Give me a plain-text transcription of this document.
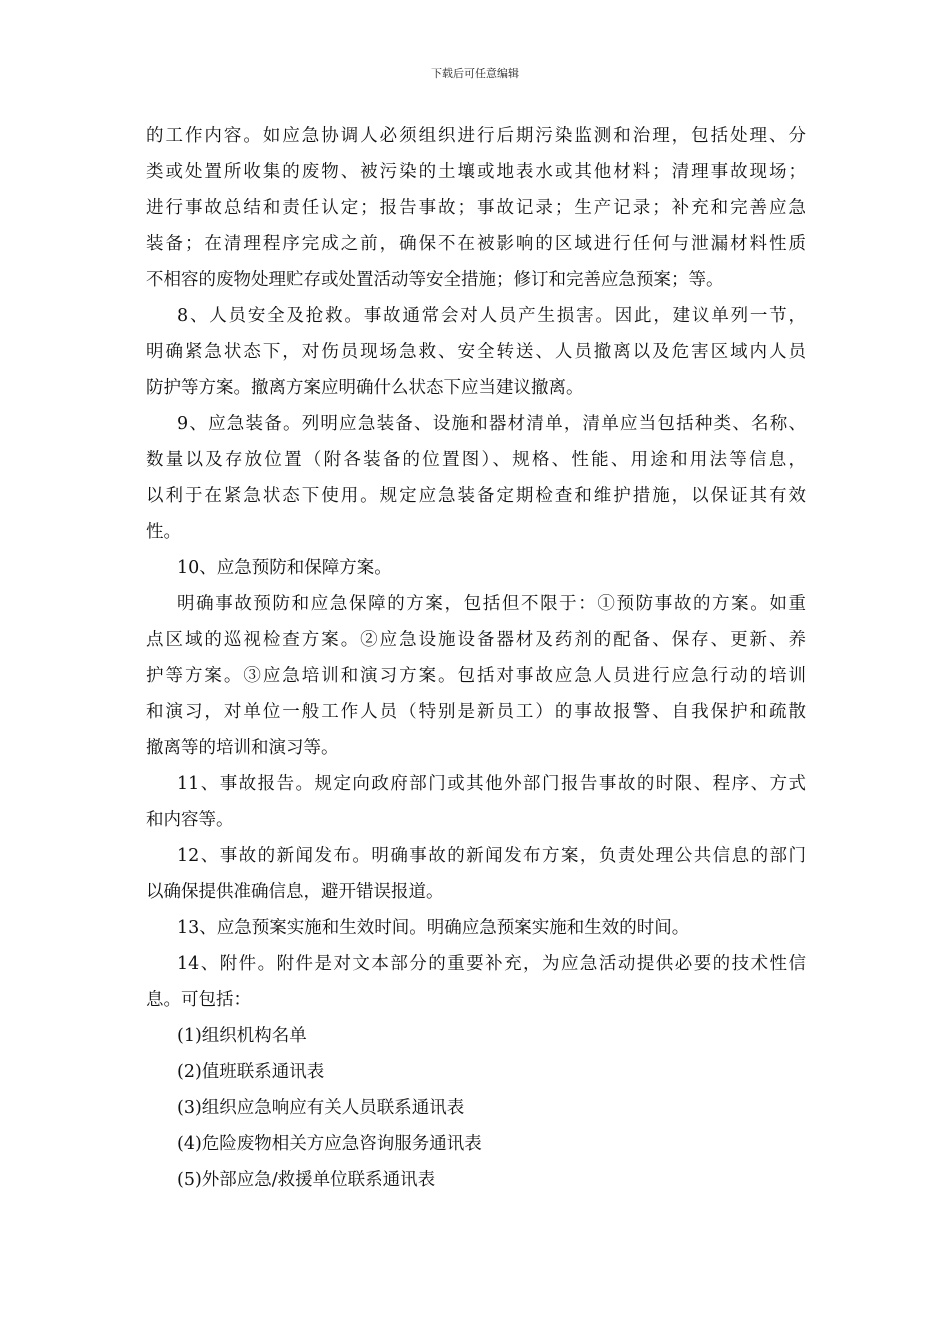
下载后可任意编辑
的工作内容。如应急协调人必须组织进行后期污染监测和治理，包括处理、分
类或处置所收集的废物、被污染的土壤或地表水或其他材料；清理事故现场；
进行事故总结和责任认定；报告事故；事故记录；生产记录；补充和完善应急
装备；在清理程序完成之前，确保不在被影响的区域进行任何与泄漏材料性质
不相容的废物处理贮存或处置活动等安全措施；修订和完善应急预案；等。
8、人员安全及抢救。事故通常会对人员产生损害。因此，建议单列一节，
明确紧急状态下，对伤员现场急救、安全转送、人员撤离以及危害区域内人员
防护等方案。撤离方案应明确什么状态下应当建议撤离。
9、应急装备。列明应急装备、设施和器材清单，清单应当包括种类、名称、
数量以及存放位置（附各装备的位置图）、规格、性能、用途和用法等信息，
以利于在紧急状态下使用。规定应急装备定期检查和维护措施，以保证其有效
性。
10、应急预防和保障方案。
明确事故预防和应急保障的方案，包括但不限于：①预防事故的方案。如重
点区域的巡视检查方案。②应急设施设备器材及药剂的配备、保存、更新、养
护等方案。③应急培训和演习方案。包括对事故应急人员进行应急行动的培训
和演习，对单位一般工作人员（特别是新员工）的事故报警、自我保护和疏散
撤离等的培训和演习等。
11、事故报告。规定向政府部门或其他外部门报告事故的时限、程序、方式
和内容等。
12、事故的新闻发布。明确事故的新闻发布方案，负责处理公共信息的部门
以确保提供准确信息，避开错误报道。
13、应急预案实施和生效时间。明确应急预案实施和生效的时间。
14、附件。附件是对文本部分的重要补充，为应急活动提供必要的技术性信
息。可包括：
(1)组织机构名单
(2)值班联系通讯表
(3)组织应急响应有关人员联系通讯表
(4)危险废物相关方应急咨询服务通讯表
(5)外部应急/救援单位联系通讯表
